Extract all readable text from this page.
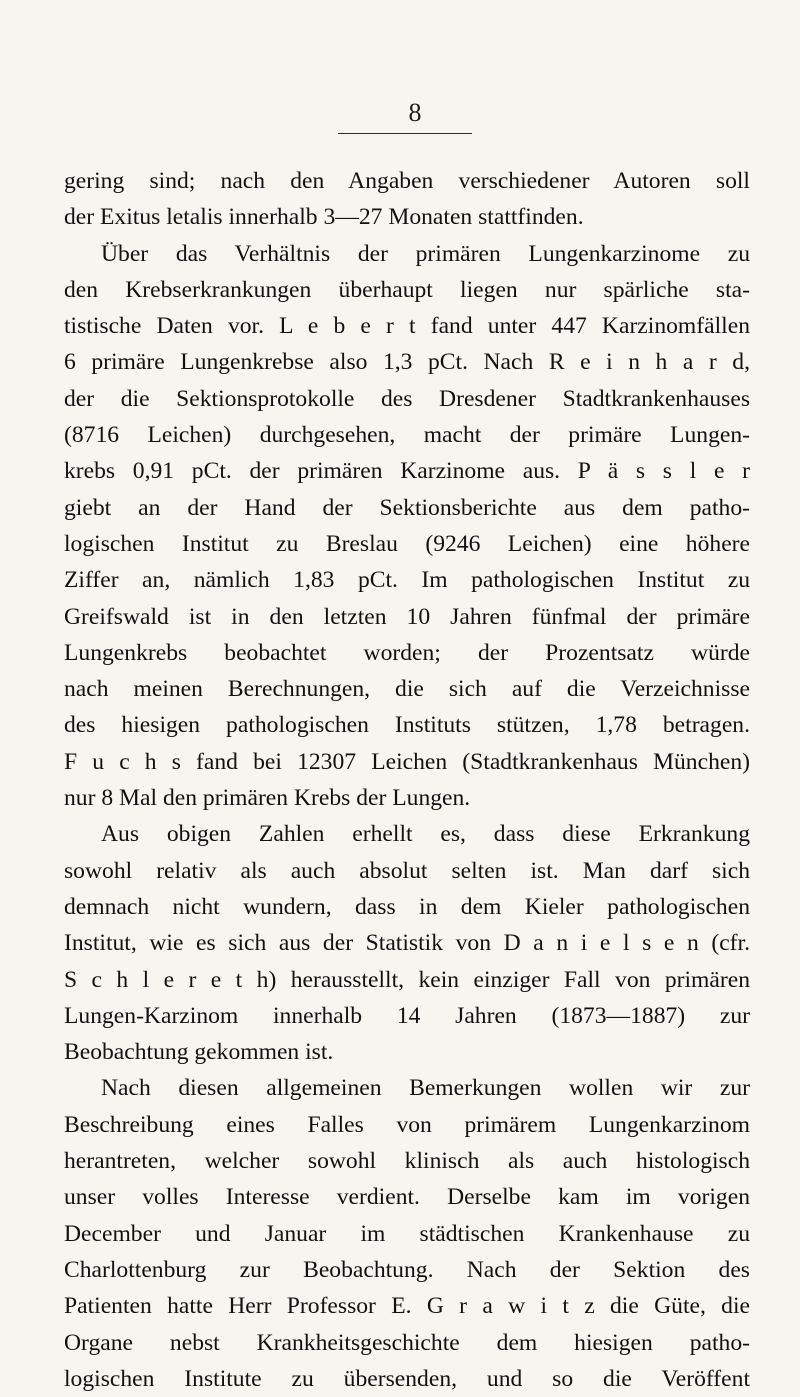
8
gering sind; nach den Angaben verschiedener Autoren soll
der Exitus letalis innerhalb 3—27 Monaten stattfinden.
Über das Verhältnis der primären Lungenkarzinome zu
den Krebserkrankungen überhaupt liegen nur spärliche sta-
tistische Daten vor. L e b e r t fand unter 447 Karzinomfällen
6 primäre Lungenkrebse also 1,3 pCt. Nach R e i n h a r d,
der die Sektionsprotokolle des Dresdener Stadtkrankenhauses
(8716 Leichen) durchgesehen, macht der primäre Lungen-
krebs 0,91 pCt. der primären Karzinome aus. P ä s s l e r
giebt an der Hand der Sektionsberichte aus dem patho-
logischen Institut zu Breslau (9246 Leichen) eine höhere
Ziffer an, nämlich 1,83 pCt. Im pathologischen Institut zu
Greifswald ist in den letzten 10 Jahren fünfmal der primäre
Lungenkrebs beobachtet worden; der Prozentsatz würde
nach meinen Berechnungen, die sich auf die Verzeichnisse
des hiesigen pathologischen Instituts stützen, 1,78 betragen.
F u c h s fand bei 12307 Leichen (Stadtkrankenhaus München)
nur 8 Mal den primären Krebs der Lungen.
Aus obigen Zahlen erhellt es, dass diese Erkrankung
sowohl relativ als auch absolut selten ist. Man darf sich
demnach nicht wundern, dass in dem Kieler pathologischen
Institut, wie es sich aus der Statistik von D a n i e l s e n (cfr.
S c h l e r e t h) herausstellt, kein einziger Fall von primären
Lungen-Karzinom innerhalb 14 Jahren (1873—1887) zur
Beobachtung gekommen ist.
Nach diesen allgemeinen Bemerkungen wollen wir zur
Beschreibung eines Falles von primärem Lungenkarzinom
herantreten, welcher sowohl klinisch als auch histologisch
unser volles Interesse verdient. Derselbe kam im vorigen
December und Januar im städtischen Krankenhause zu
Charlottenburg zur Beobachtung. Nach der Sektion des
Patienten hatte Herr Professor E. G r a w i t z die Güte, die
Organe nebst Krankheitsgeschichte dem hiesigen patho-
logischen Institute zu übersenden, und so die Veröffent
